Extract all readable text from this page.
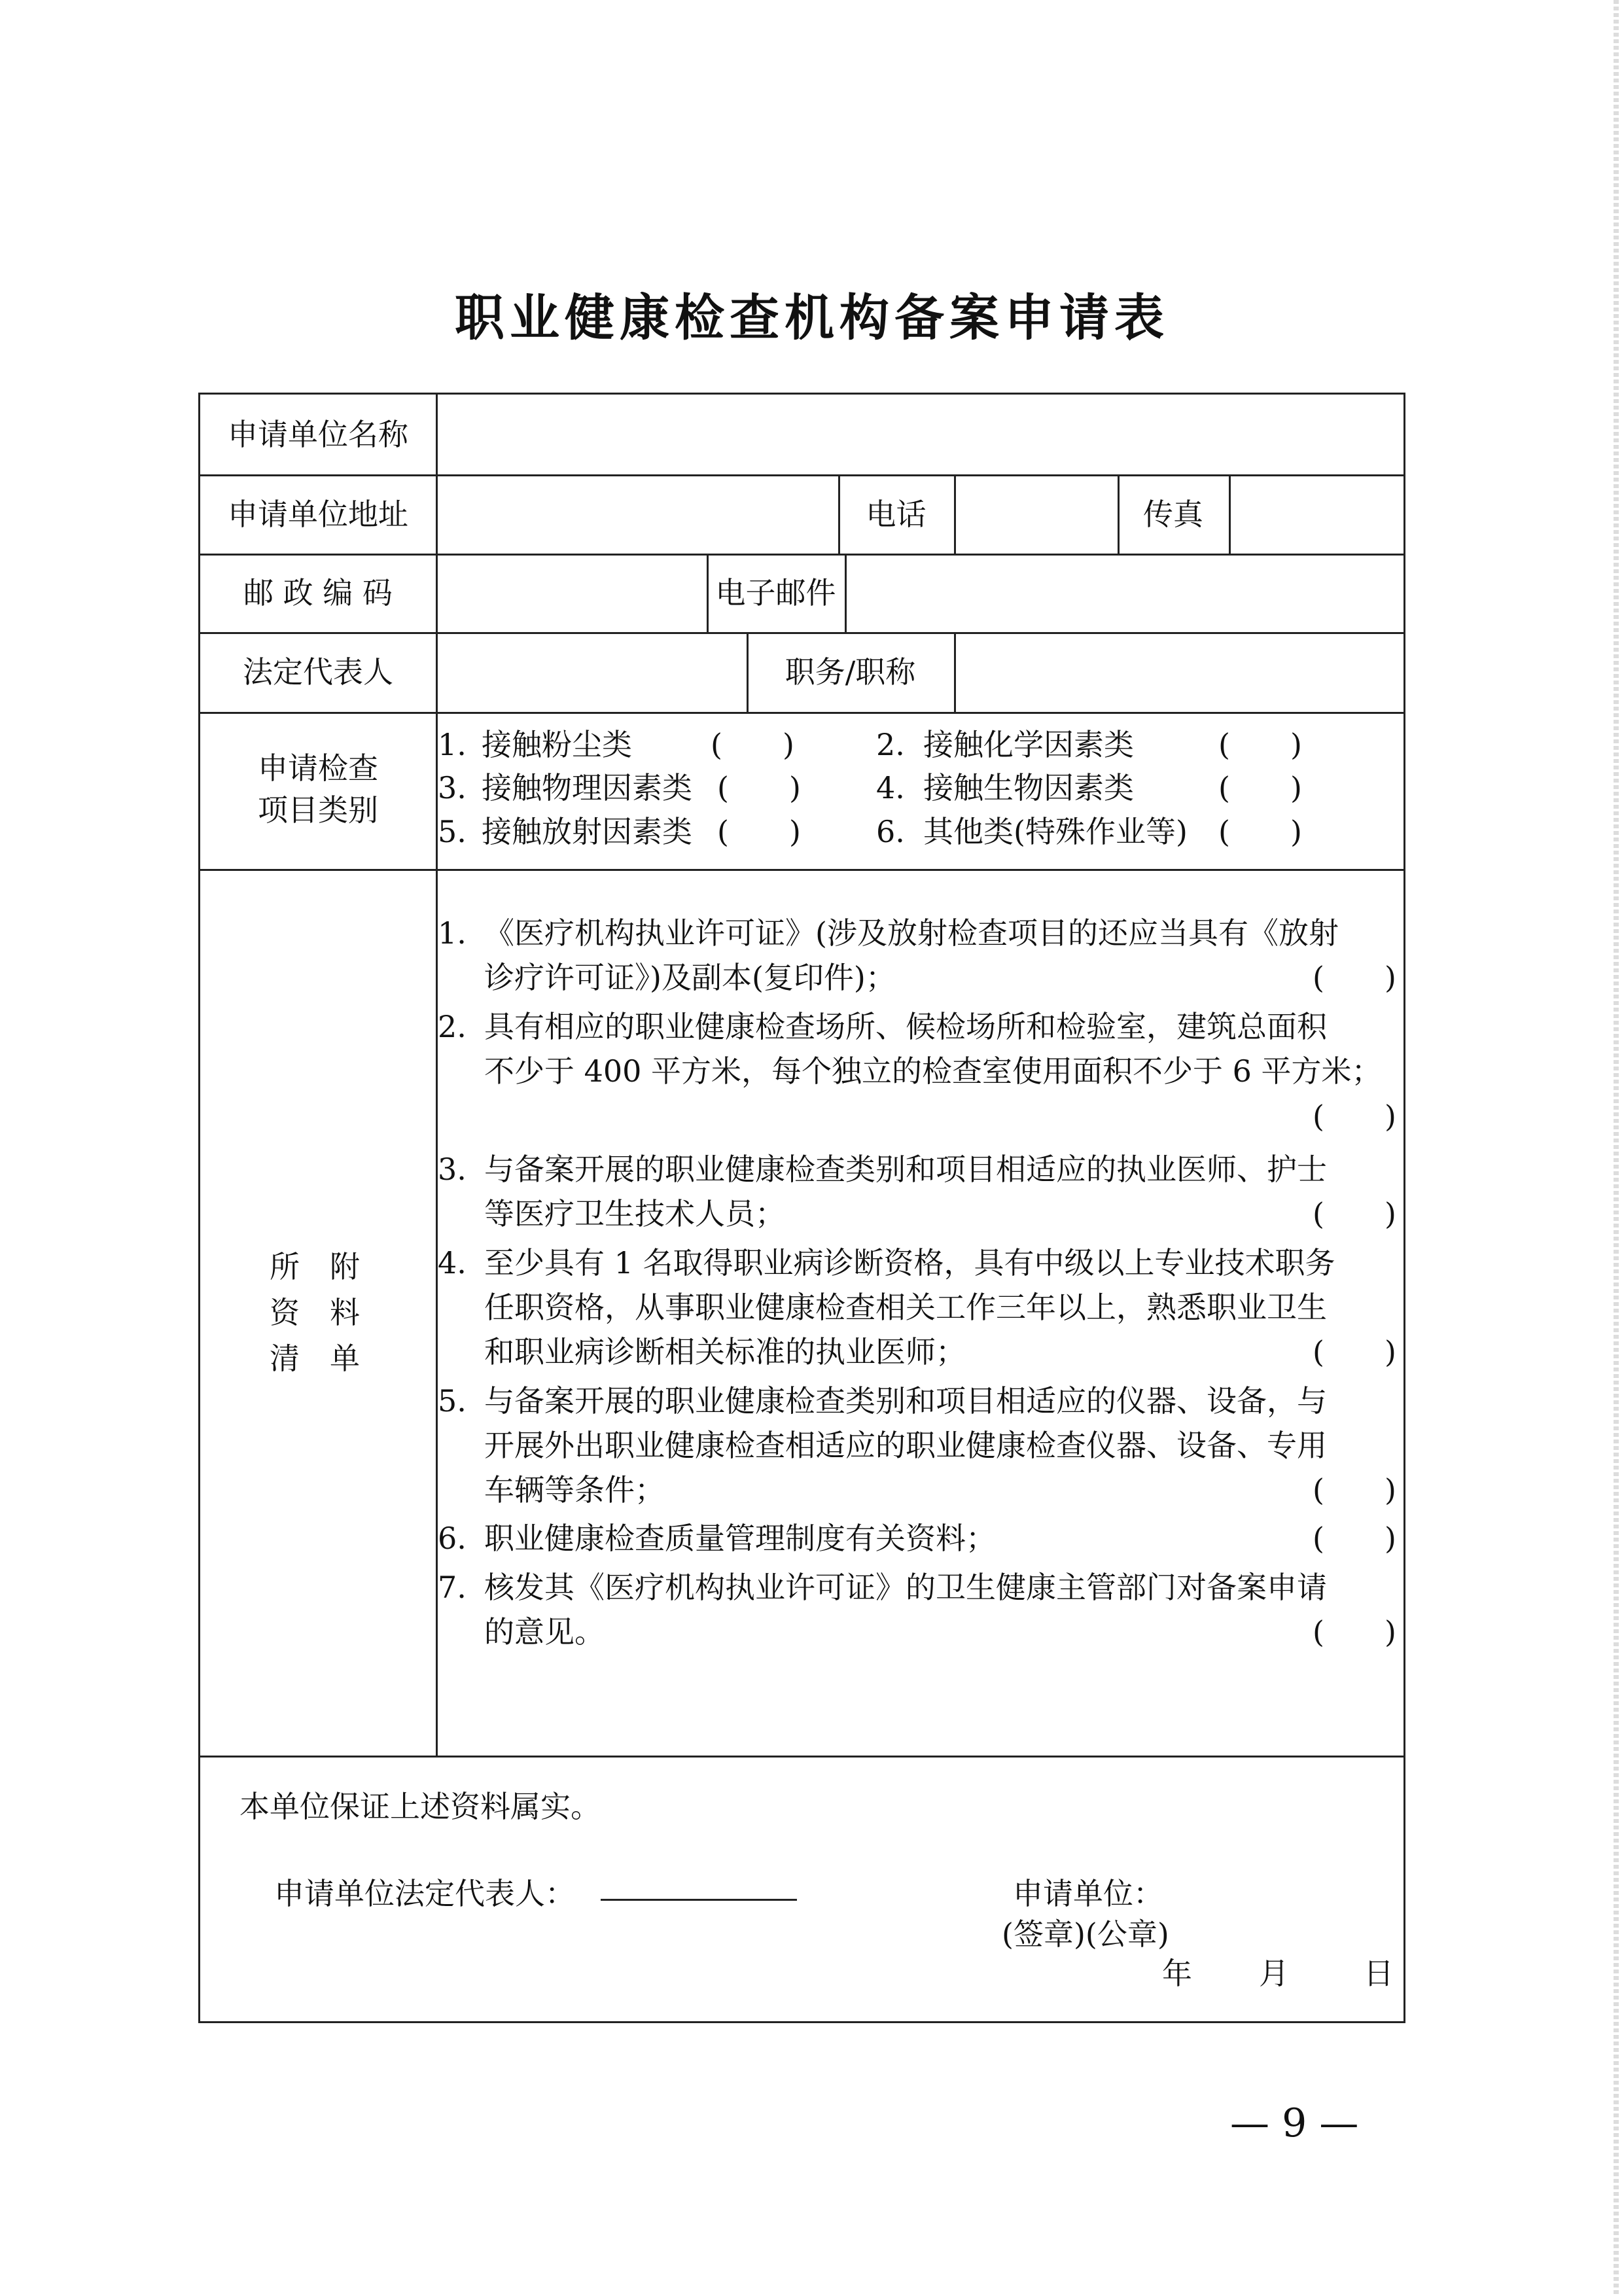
职业健康检查机构备案申请表
申请单位名称
申请单位地址	电话	传真
邮 政 编 码	电子邮件
法定代表人	职务/职称
申请检查
项目类别
1. 接触粉尘类	(　　)	2. 接触化学因素类	(　　)
3. 接触物理因素类 (　　)	4. 接触生物因素类	(　　)
5. 接触放射因素类 (　　)	6. 其他类(特殊作业等) (　　)
所　附
资　料
清　单
1. 《医疗机构执业许可证》(涉及放射检查项目的还应当具有《放射
诊疗许可证》)及副本(复印件)；	(　　)
2. 具有相应的职业健康检查场所、候检场所和检验室，建筑总面积
不少于 400 平方米，每个独立的检查室使用面积不少于 6 平方米；
(　　)
3. 与备案开展的职业健康检查类别和项目相适应的执业医师、护士
等医疗卫生技术人员；	(　　)
4. 至少具有 1 名取得职业病诊断资格，具有中级以上专业技术职务
任职资格，从事职业健康检查相关工作三年以上，熟悉职业卫生
和职业病诊断相关标准的执业医师；	(　　)
5. 与备案开展的职业健康检查类别和项目相适应的仪器、设备，与
开展外出职业健康检查相适应的职业健康检查仪器、设备、专用
车辆等条件；	(　　)
6. 职业健康检查质量管理制度有关资料；	(　　)
7. 核发其《医疗机构执业许可证》的卫生健康主管部门对备案申请
的意见。	(　　)
本单位保证上述资料属实。
申请单位法定代表人：	申请单位：
(签章)(公章)
年 月 日
— 9 —
